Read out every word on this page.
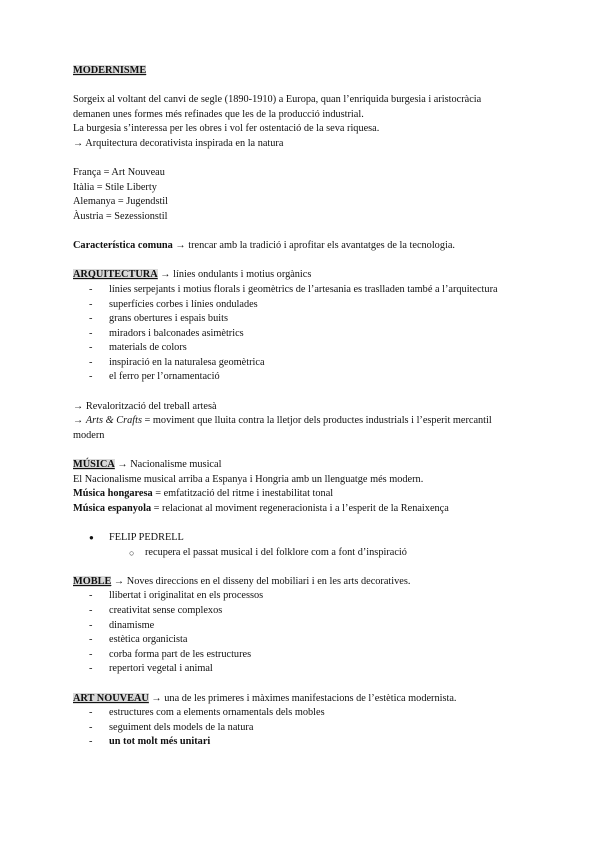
MODERNISME

Sorgeix al voltant del canvi de segle (1890-1910) a Europa, quan l’enriquida burgesia i aristocràcia

demanen unes formes més refinades que les de la producció industrial.

La burgesia s’interessa per les obres i vol fer ostentació de la seva riquesa.

→ Arquitectura decorativista inspirada en la natura

França = Art Nouveau

Itàlia = Stile Liberty

Alemanya = Jugendstil

Àustria = Sezessionstil

Característica comuna → trencar amb la tradició i aprofitar els avantatges de la tecnologia.

ARQUITECTURA → línies ondulants i motius orgànics

- línies serpejants i motius florals i geomètrics de l’artesania es traslladen també a l’arquitectura
- superfícies corbes i línies ondulades
- grans obertures i espais buits
- miradors i balconades asimètrics
- materials de colors
- inspiració en la naturalesa geomètrica
- el ferro per l’ornamentació

→ Revalorització del treball artesà

→ Arts & Crafts = moviment que lluita contra la lletjor dels productes industrials i l’esperit mercantil

modern

MÚSICA → Nacionalisme musical

El Nacionalisme musical arriba a Espanya i Hongria amb un llenguatge més modern.

Música hongaresa = emfatització del ritme i inestabilitat tonal

Música espanyola = relacionat al moviment regeneracionista i a l’esperit de la Renaixença

● FELIP PEDRELL
○ recupera el passat musical i del folklore com a font d’inspiració

MOBLE → Noves direccions en el disseny del mobiliari i en les arts decoratives.

- llibertat i originalitat en els processos
- creativitat sense complexos
- dinamisme
- estètica organicista
- corba forma part de les estructures
- repertori vegetal i animal

ART NOUVEAU → una de les primeres i màximes manifestacions de l’estètica modernista.

- estructures com a elements ornamentals dels mobles
- seguiment dels models de la natura
- un tot molt més unitari
